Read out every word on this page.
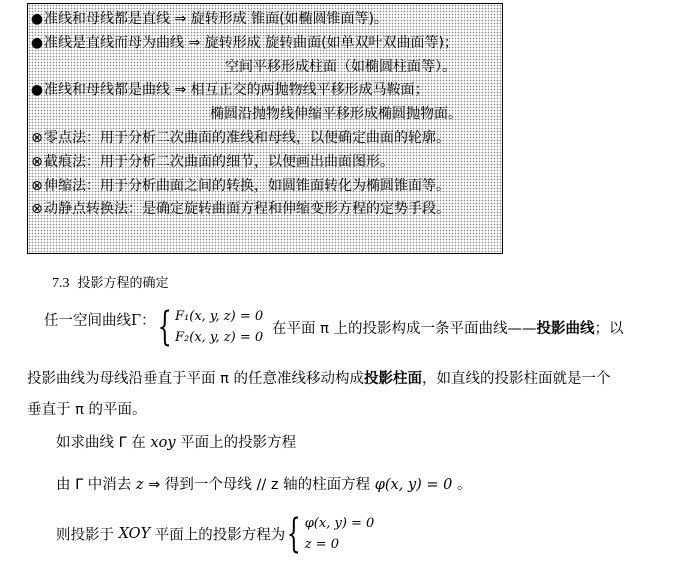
●准线和母线都是直线 ⇒ 旋转形成 锥面(如椭圆锥面等)。
●准线是直线而母为曲线 ⇒ 旋转形成 旋转曲面(如单双叶双曲面等)；
空间平移形成柱面（如椭圆柱面等）。
●准线和母线都是曲线 ⇒ 相互正交的两抛物线平移形成马鞍面；
椭圆沿抛物线伸缩平移形成椭圆抛物面。
⊗零点法：用于分析二次曲面的准线和母线，以便确定曲面的轮廓。
⊗截痕法：用于分析二次曲面的细节，以便画出曲面图形。
⊗伸缩法：用于分析曲面之间的转换，如圆锥面转化为椭圆锥面等。
⊗动静点转换法：是确定旋转曲面方程和伸缩变形方程的定势手段。
7.3 投影方程的确定
任一空间曲线Γ： { F₁(x, y, z) = 0
F₂(x, y, z) = 0
在平面 π 上的投影构成一条平面曲线——投影曲线；以
投影曲线为母线沿垂直于平面 π 的任意准线移动构成投影柱面，如直线的投影柱面就是一个
垂直于 π 的平面。
如求曲线 Γ 在 xoy 平面上的投影方程
由 Γ 中消去 z ⇒ 得到一个母线 // z 轴的柱面方程 φ(x, y) = 0 。
则投影于 XOY 平面上的投影方程为 { φ(x, y) = 0
z = 0
